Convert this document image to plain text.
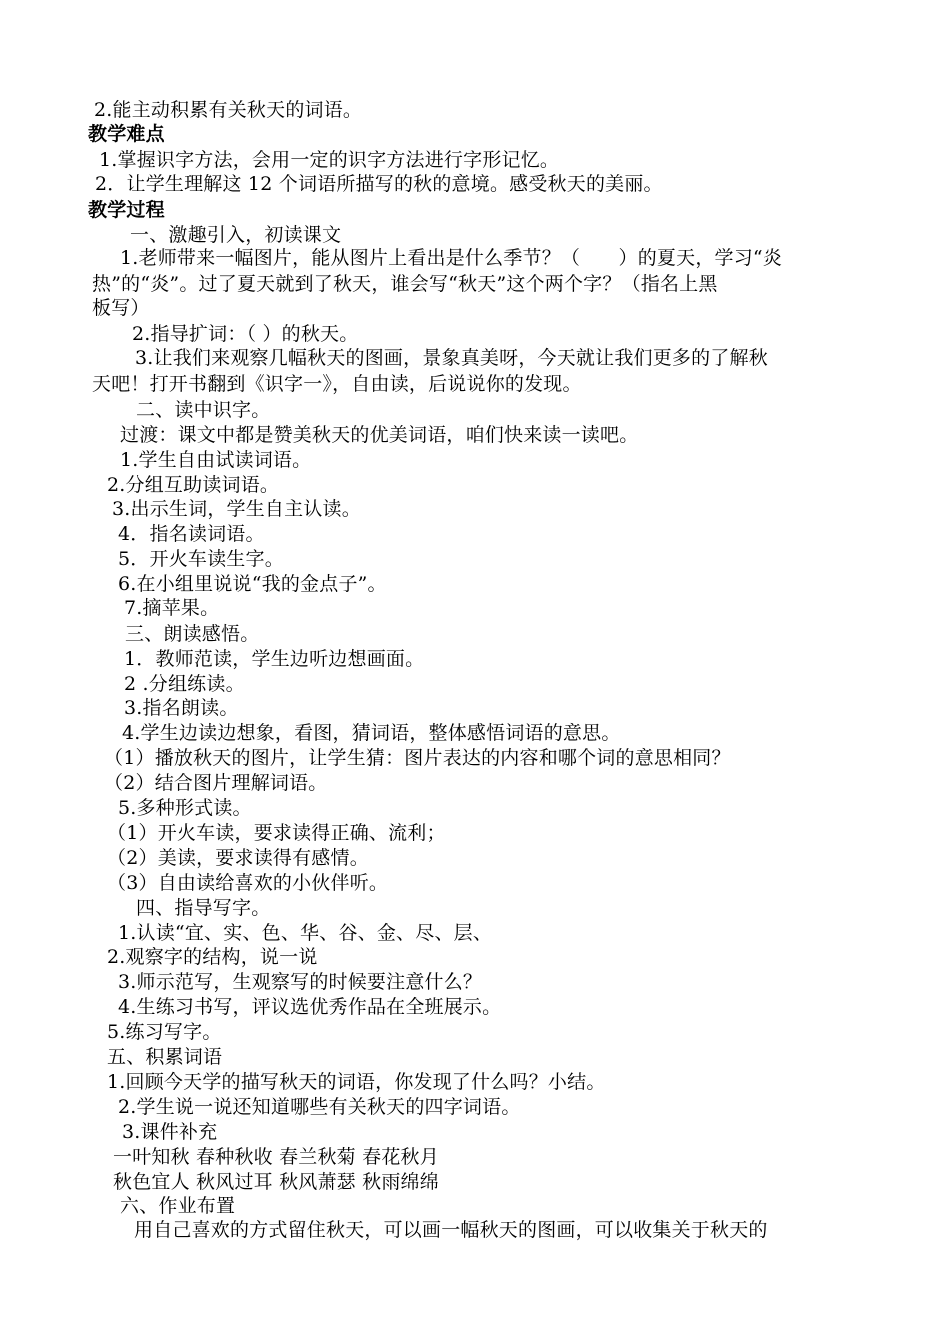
2.能主动积累有关秋天的词语。
教学难点
1.掌握识字方法，会用一定的识字方法进行字形记忆。
2．让学生理解这 12 个词语所描写的秋的意境。感受秋天的美丽。
教学过程
一、激趣引入，初读课文
1.老师带来一幅图片，能从图片上看出是什么季节？（　　）的夏天，学习“炎
热”的“炎”。过了夏天就到了秋天，谁会写“秋天”这个两个字？（指名上黑
板写）
2.指导扩词：（ ）的秋天。
3.让我们来观察几幅秋天的图画，景象真美呀，今天就让我们更多的了解秋
天吧！打开书翻到《识字一》，自由读，后说说你的发现。
二、读中识字。
过渡：课文中都是赞美秋天的优美词语，咱们快来读一读吧。
1.学生自由试读词语。
2.分组互助读词语。
3.出示生词，学生自主认读。
4．指名读词语。
5．开火车读生字。
6.在小组里说说“我的金点子”。
7.摘苹果。
三、朗读感悟。
1．教师范读，学生边听边想画面。
2 .分组练读。
3.指名朗读。
4.学生边读边想象，看图，猜词语，整体感悟词语的意思。
（1）播放秋天的图片，让学生猜：图片表达的内容和哪个词的意思相同？
（2）结合图片理解词语。
5.多种形式读。
（1）开火车读，要求读得正确、流利；
（2）美读，要求读得有感情。
（3）自由读给喜欢的小伙伴听。
四、指导写字。
1.认读“宜、实、色、华、谷、金、尽、层、
2.观察字的结构，说一说
3.师示范写，生观察写的时候要注意什么？
4.生练习书写，评议选优秀作品在全班展示。
5.练习写字。
五、积累词语
1.回顾今天学的描写秋天的词语，你发现了什么吗？小结。
2.学生说一说还知道哪些有关秋天的四字词语。
3.课件补充
一叶知秋 春种秋收 春兰秋菊 春花秋月
秋色宜人 秋风过耳 秋风萧瑟 秋雨绵绵
六、作业布置
用自己喜欢的方式留住秋天，可以画一幅秋天的图画，可以收集关于秋天的
